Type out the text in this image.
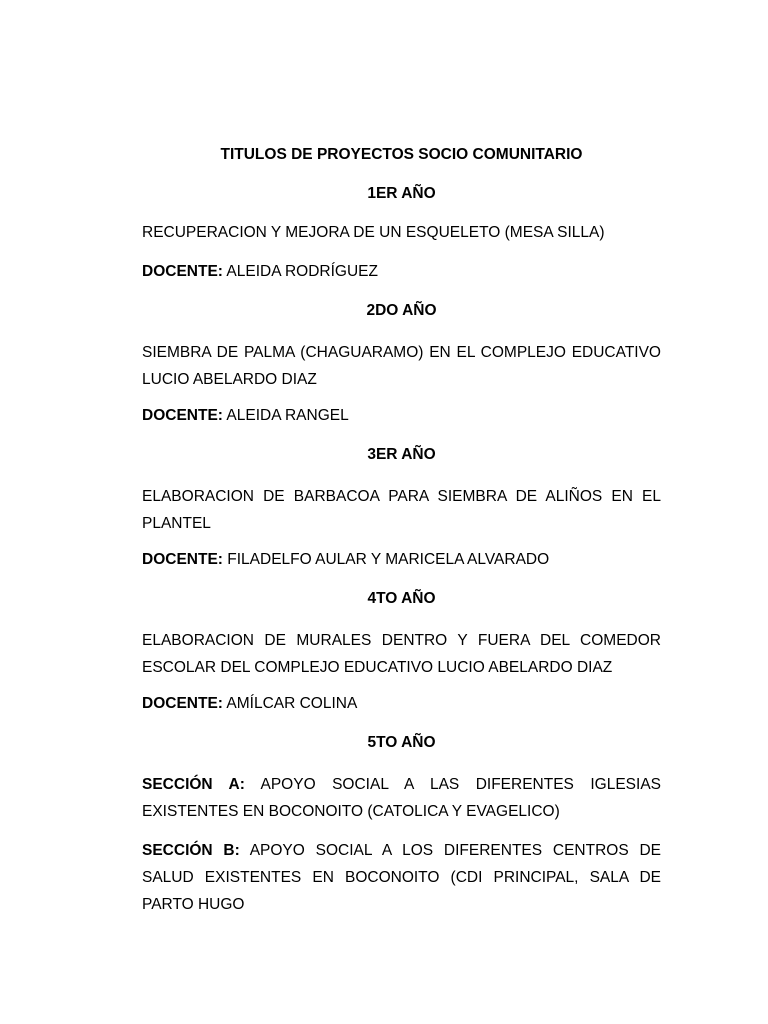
TITULOS DE PROYECTOS SOCIO COMUNITARIO
1ER AÑO
RECUPERACION Y MEJORA DE UN ESQUELETO (MESA SILLA)
DOCENTE: ALEIDA RODRÍGUEZ
2DO AÑO
SIEMBRA DE PALMA (CHAGUARAMO) EN EL COMPLEJO EDUCATIVO LUCIO ABELARDO DIAZ
DOCENTE: ALEIDA RANGEL
3ER AÑO
ELABORACION DE BARBACOA PARA SIEMBRA DE ALIÑOS EN EL PLANTEL
DOCENTE: FILADELFO AULAR Y MARICELA ALVARADO
4TO AÑO
ELABORACION DE MURALES DENTRO Y FUERA DEL COMEDOR ESCOLAR DEL COMPLEJO EDUCATIVO LUCIO ABELARDO DIAZ
DOCENTE: AMÍLCAR COLINA
5TO AÑO
SECCIÓN A: APOYO SOCIAL A LAS DIFERENTES IGLESIAS EXISTENTES EN BOCONOITO (CATOLICA Y EVAGELICO)
SECCIÓN B: APOYO SOCIAL A LOS DIFERENTES CENTROS DE SALUD EXISTENTES EN BOCONOITO (CDI PRINCIPAL, SALA DE PARTO HUGO
